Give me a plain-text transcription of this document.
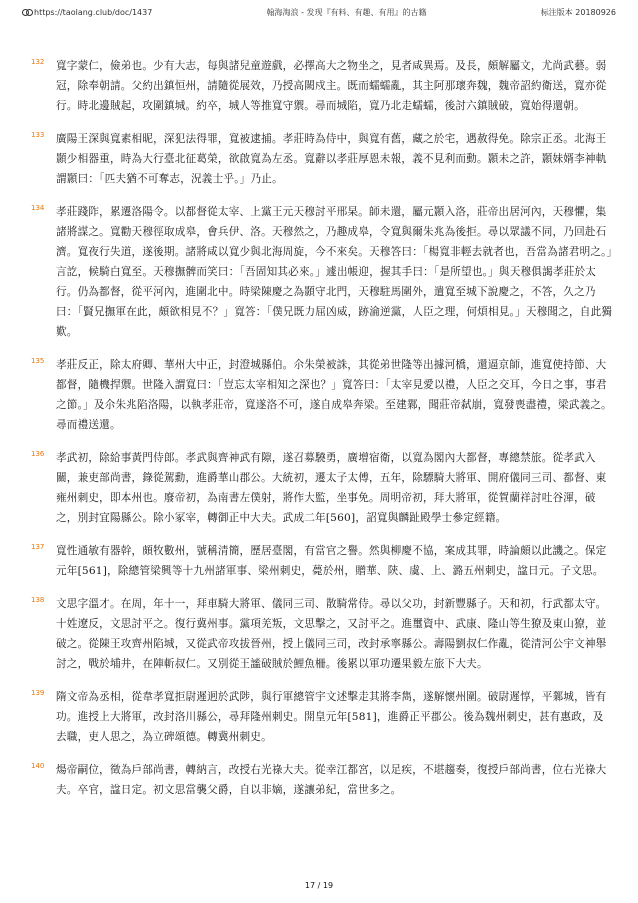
https://taolang.club/doc/1437	翰海淘浪 - 发现『有料、有趣、有用』的古籍	标注版本 20180926
132 寬字蒙仁，儉弟也。少有大志，每與諸兒童遊戲，必擇高大之物坐之，見者咸異焉。及長，頗解屬文，尤尚武藝。弱冠，除奉朝請。父約出鎮恒州，請隨從展效，乃授高闕戍主。既而蠕蠕亂，其主阿那瓌奔魏，魏帝詔約衛送，寬亦從行。時北邊賊起，攻圍鎮城。約卒，城人等推寬守禦。尋而城陷，寬乃北走蠕蠕，後討六鎮賊破，寬始得還朝。
133 廣陽王深與寬素相昵，深犯法得罪，寬被逮捕。孝莊時為侍中，與寬有舊，藏之於宅，遇赦得免。除宗正丞。北海王顥少相器重，時為大行臺北征葛榮，欲啟寬為左丞。寬辭以孝莊厚恩未報，義不見利而動。顥未之許，顥妹婿李神軌謂顥曰：「匹夫猶不可奪志，況義士乎。」乃止。
134 孝莊踐阼，累遷洛陽令。以都督從太宰、上黨王元天穆討平邢杲。師未還，屬元顥入洛，莊帝出居河內，天穆懼，集諸將謀之。寬勸天穆徑取成皋，會兵伊、洛。天穆然之，乃趣成皋，令寬與爾朱兆為後拒。尋以眾議不同，乃回赴石濟。寬夜行失道，遂後期。諸將咸以寬少與北海周旋，今不來矣。天穆答曰：「楊寬非輕去就者也，吾當為諸君明之。」言訖，候騎白寬至。天穆撫髀而笑曰：「吾固知其必來。」遽出帳迎，握其手曰：「是所望也。」與天穆俱謁孝莊於太行。仍為都督，從平河內，進圍北中。時梁陳慶之為顥守北門，天穆駐馬圍外，遣寬至城下說慶之，不答，久之乃曰：「賢兄撫軍在此，頗欲相見不？」寬答：「僕兄既力屈凶威，跡淪逆黨，人臣之理，何煩相見。」天穆聞之，自此獨歎。
135 孝莊反正，除太府卿、華州大中正，封澄城縣伯。尒朱榮被誅，其從弟世隆等出據河橋，還逼京師，進寬使持節、大都督，隨機捍禦。世隆入謂寬曰：「豈忘太宰相知之深也？」寬答曰：「太宰見愛以禮，人臣之交耳，今日之事，事君之節。」及尒朱兆陷洛陽，以執孝莊帝，寬遂洛不可，遂自成皋奔梁。至建鄴，聞莊帝弑崩，寬發喪盡禮，梁武義之。尋而禮送還。
136 孝武初，除給事黃門侍郎。孝武與齊神武有隙，遂召募驍勇，廣增宿衛，以寬為閣內大都督，專總禁旅。從孝武入關，兼吏部尚書，錄從駕勳，進爵華山郡公。大統初，遷太子太傅，五年，除驃騎大將軍、開府儀同三司、都督、東雍州刺史，即本州也。廢帝初，為南書左僕射，將作大監，坐事免。周明帝初，拜大將軍，從賀蘭祥討吐谷渾，破之，別封宜陽縣公。除小冢宰，轉御正中大夫。武成二年[560]，詔寬與麟趾殿學士參定經籍。
137 寬性通敏有器幹，頗牧數州，號稱清簡，歷居臺閣，有當官之譽。然與柳慶不協，案成其罪，時論頗以此譏之。保定元年[561]，除總管梁興等十九州諸軍事、梁州刺史，薨於州，贈華、陝、虞、上、潞五州刺史，諡日元。子文思。
138 文思字溫才。在周，年十一，拜車騎大將軍、儀同三司、散騎常侍。尋以父功，封新豐縣子。天和初，行武都太守。十姓遼反，文思討平之。復行冀州事。黨項羌叛，文思擊之，又討平之。進璽資中、武康、隆山等生獠及東山獠，並破之。從陳王攻齊州陷城，又從武帝攻拔晉州，授上儀同三司，改封承寧縣公。壽陽劉叔仁作亂，從清河公宇文神舉討之，戰於埔井，在陣斬叔仁。又別從王謐破賊於鯉魚柵。後累以軍功遷果毅左旅下大夫。
139 隋文帝為丞相，從韋孝寬拒尉遲迥於武陟，與行軍總管宇文述擊走其將李雋，遂解懷州圍。破尉遲惇，平鄴城，皆有功。進授上大將軍，改封洛川縣公，尋拜隆州刺史。開皇元年[581]，進爵正平郡公。後為魏州刺史，甚有惠政，及去職，吏人思之，為立碑頌德。轉冀州刺史。
140 煬帝嗣位，徵為戶部尚書，轉納言，改授右光祿大夫。從幸江都宮，以足疾，不堪趨奏，復授戶部尚書，位右光祿大夫。卒官，諡日定。初文思當襲父爵，自以非嫡，遂讓弟紀，當世多之。
17 / 19
